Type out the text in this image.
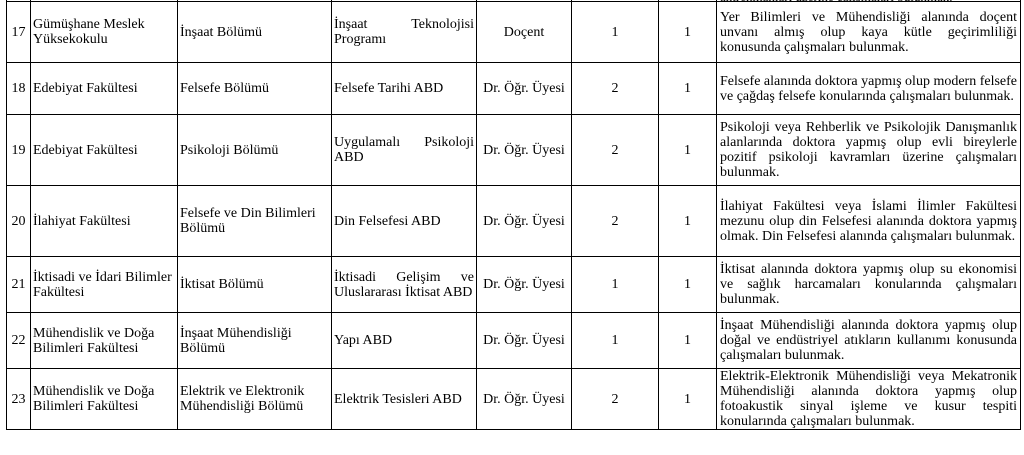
17	Gümüşhane Meslek Yüksekokulu	İnşaat Bölümü	İnşaat Teknolojisi Programı	Doçent	1	1	Yer Bilimleri ve Mühendisliği alanında doçent unvanı almış olup kaya kütle geçirimliliği konusunda çalışmaları bulunmak.
18	Edebiyat Fakültesi	Felsefe Bölümü	Felsefe Tarihi ABD	Dr. Öğr. Üyesi	2	1	Felsefe alanında doktora yapmış olup modern felsefe ve çağdaş felsefe konularında çalışmaları bulunmak.
19	Edebiyat Fakültesi	Psikoloji Bölümü	Uygulamalı Psikoloji ABD	Dr. Öğr. Üyesi	2	1	Psikoloji veya Rehberlik ve Psikolojik Danışmanlık alanlarında doktora yapmış olup evli bireylerle pozitif psikoloji kavramları üzerine çalışmaları bulunmak.
20	İlahiyat Fakültesi	Felsefe ve Din Bilimleri Bölümü	Din Felsefesi ABD	Dr. Öğr. Üyesi	2	1	İlahiyat Fakültesi veya İslami İlimler Fakültesi mezunu olup din Felsefesi alanında doktora yapmış olmak. Din Felsefesi alanında çalışmaları bulunmak.
21	İktisadi ve İdari Bilimler Fakültesi	İktisat Bölümü	İktisadi Gelişim ve Uluslararası İktisat ABD	Dr. Öğr. Üyesi	1	1	İktisat alanında doktora yapmış olup su ekonomisi ve sağlık harcamaları konularında çalışmaları bulunmak.
22	Mühendislik ve Doğa Bilimleri Fakültesi	İnşaat Mühendisliği Bölümü	Yapı ABD	Dr. Öğr. Üyesi	1	1	İnşaat Mühendisliği alanında doktora yapmış olup doğal ve endüstriyel atıkların kullanımı konusunda çalışmaları bulunmak.
23	Mühendislik ve Doğa Bilimleri Fakültesi	Elektrik ve Elektronik Mühendisliği Bölümü	Elektrik Tesisleri ABD	Dr. Öğr. Üyesi	2	1	Elektrik-Elektronik Mühendisliği veya Mekatronik Mühendisliği alanında doktora yapmış olup fotoakustik sinyal işleme ve kusur tespiti konularında çalışmaları bulunmak.
